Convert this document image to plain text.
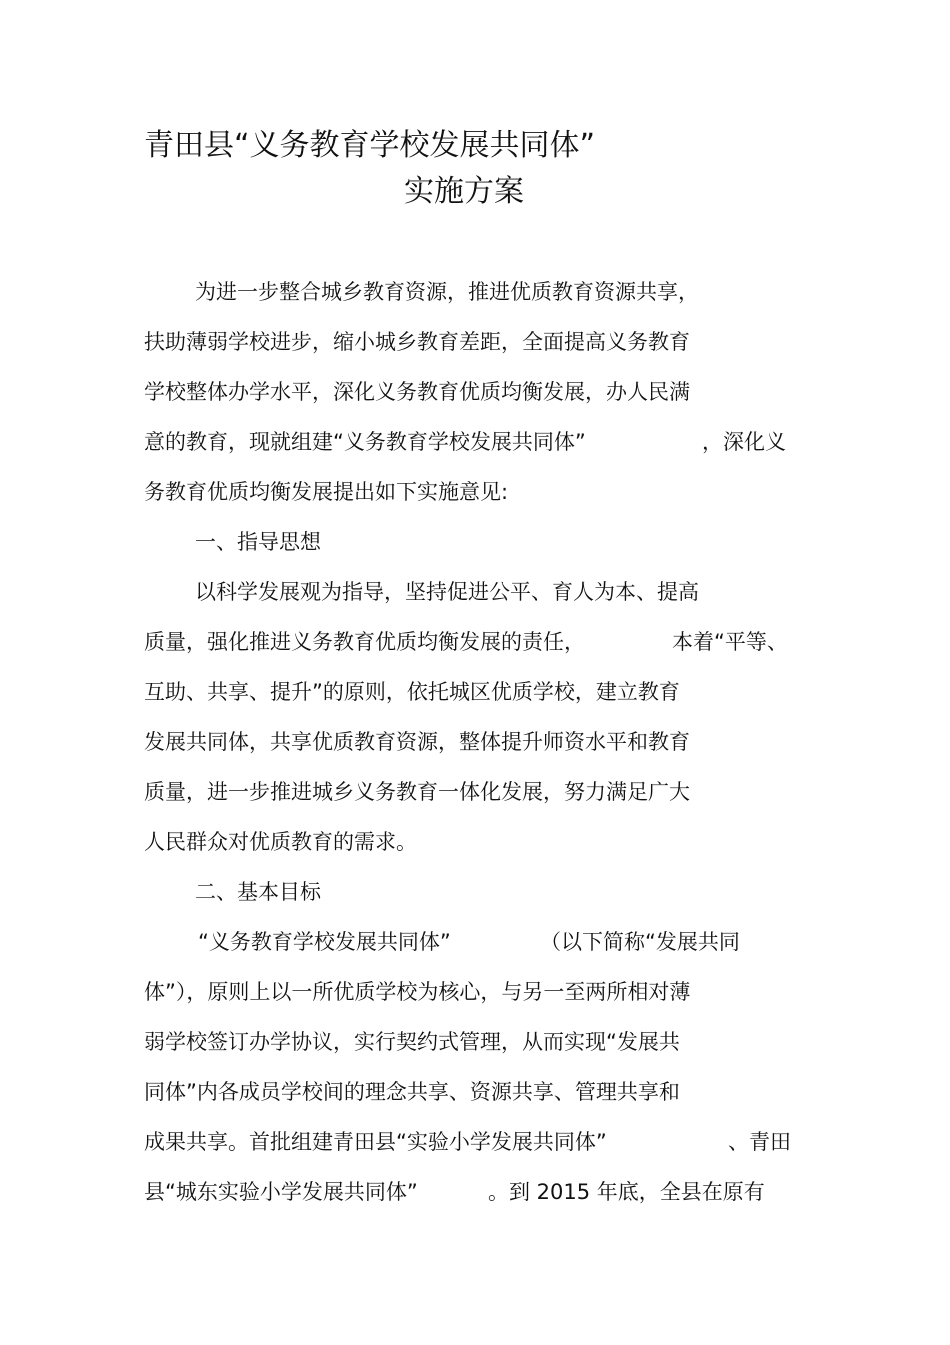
青田县“义务教育学校发展共同体”
实施方案
为进一步整合城乡教育资源，推进优质教育资源共享，
扶助薄弱学校进步，缩小城乡教育差距，全面提高义务教育
学校整体办学水平，深化义务教育优质均衡发展，办人民满
意的教育，现就组建“义务教育学校发展共同体”	，深化义
务教育优质均衡发展提出如下实施意见:
一、指导思想
以科学发展观为指导，坚持促进公平、育人为本、提高
质量，强化推进义务教育优质均衡发展的责任，	本着“平等、
互助、共享、提升”的原则，依托城区优质学校，建立教育
发展共同体，共享优质教育资源，整体提升师资水平和教育
质量，进一步推进城乡义务教育一体化发展，努力满足广大
人民群众对优质教育的需求。
二、基本目标
“义务教育学校发展共同体”	（以下简称“发展共同
体”），原则上以一所优质学校为核心，与另一至两所相对薄
弱学校签订办学协议，实行契约式管理，从而实现“发展共
同体”内各成员学校间的理念共享、资源共享、管理共享和
成果共享。首批组建青田县“实验小学发展共同体”	、青田
县“城东实验小学发展共同体”	。到 2015 年底，全县在原有
